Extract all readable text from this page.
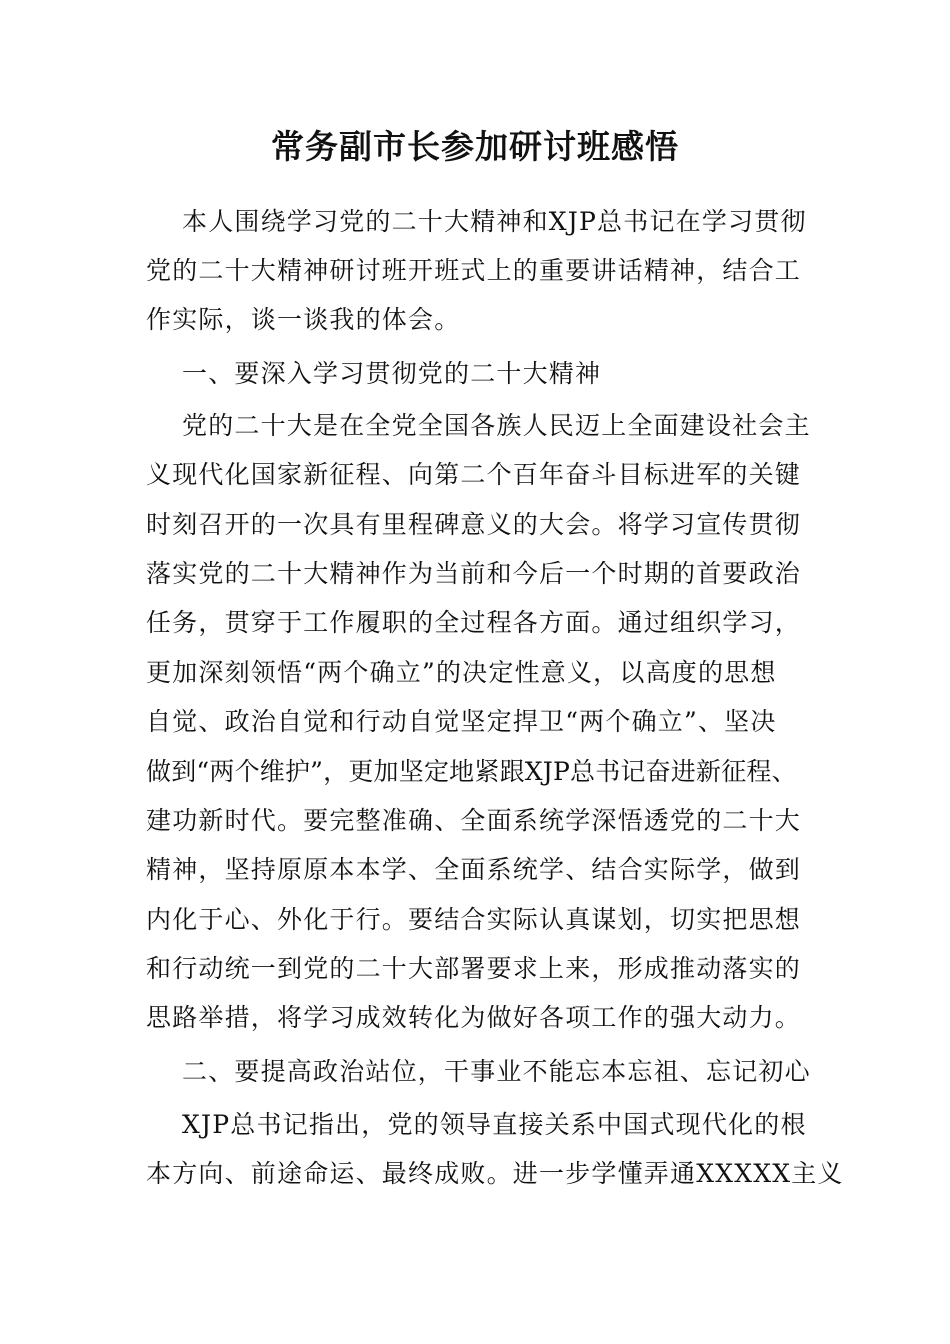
常务副市长参加研讨班感悟
本人围绕学习党的二十大精神和XJP总书记在学习贯彻
党的二十大精神研讨班开班式上的重要讲话精神，结合工
作实际，谈一谈我的体会。
一、要深入学习贯彻党的二十大精神
党的二十大是在全党全国各族人民迈上全面建设社会主
义现代化国家新征程、向第二个百年奋斗目标进军的关键
时刻召开的一次具有里程碑意义的大会。将学习宣传贯彻
落实党的二十大精神作为当前和今后一个时期的首要政治
任务，贯穿于工作履职的全过程各方面。通过组织学习，
更加深刻领悟“两个确立”的决定性意义，以高度的思想
自觉、政治自觉和行动自觉坚定捍卫“两个确立”、坚决
做到“两个维护”，更加坚定地紧跟XJP总书记奋进新征程、
建功新时代。要完整准确、全面系统学深悟透党的二十大
精神，坚持原原本本学、全面系统学、结合实际学，做到
内化于心、外化于行。要结合实际认真谋划，切实把思想
和行动统一到党的二十大部署要求上来，形成推动落实的
思路举措，将学习成效转化为做好各项工作的强大动力。
二、要提高政治站位，干事业不能忘本忘祖、忘记初心
XJP总书记指出，党的领导直接关系中国式现代化的根
本方向、前途命运、最终成败。进一步学懂弄通XXXXX主义
